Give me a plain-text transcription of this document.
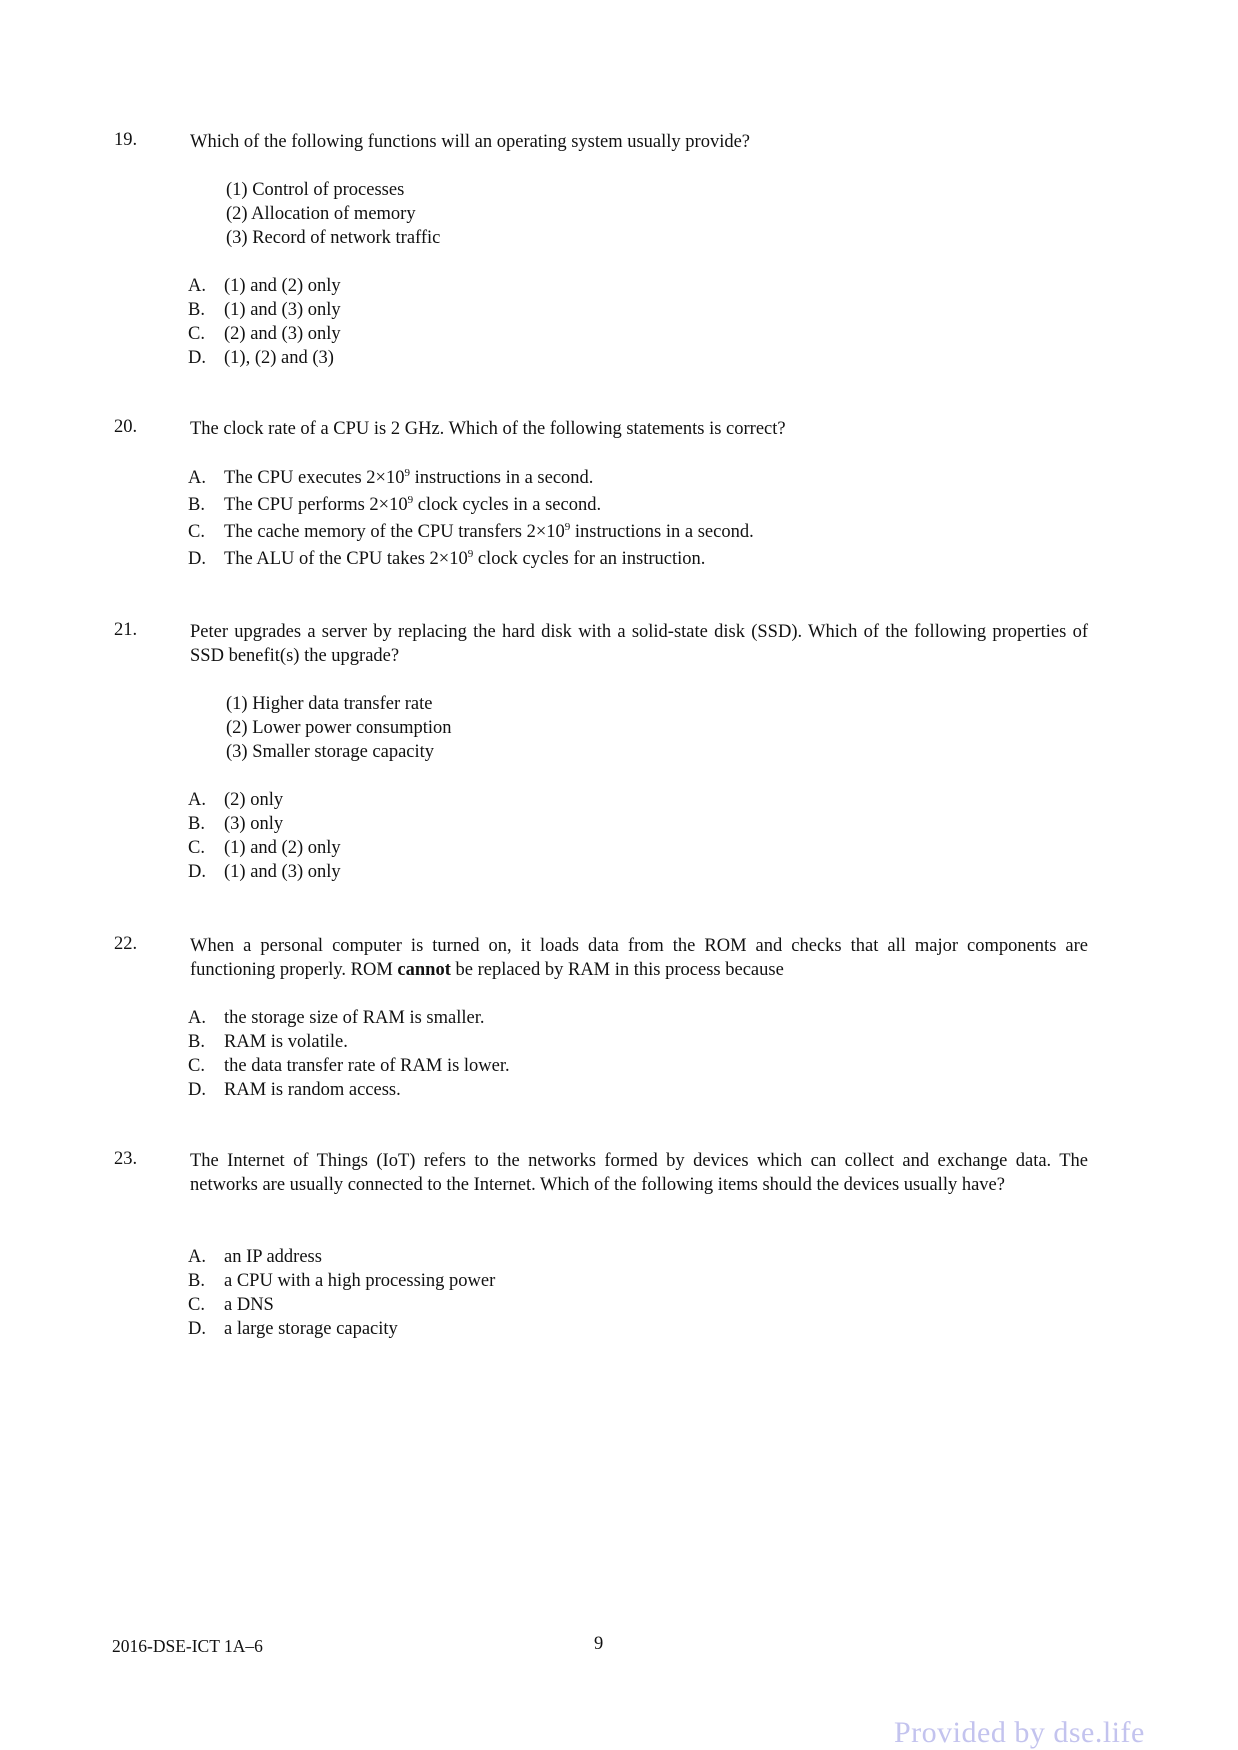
19.	Which of the following functions will an operating system usually provide?
(1) Control of processes
(2) Allocation of memory
(3) Record of network traffic
A. (1) and (2) only
B. (1) and (3) only
C. (2) and (3) only
D. (1), (2) and (3)
20.	The clock rate of a CPU is 2 GHz. Which of the following statements is correct?
A. The CPU executes $2\times 10^9$ instructions in a second.
B. The CPU performs $2\times 10^9$ clock cycles in a second.
C. The cache memory of the CPU transfers $2\times 10^9$ instructions in a second.
D. The ALU of the CPU takes $2\times 10^9$ clock cycles for an instruction.
21.	Peter upgrades a server by replacing the hard disk with a solid-state disk (SSD). Which of the following properties of SSD benefit(s) the upgrade?
(1) Higher data transfer rate
(2) Lower power consumption
(3) Smaller storage capacity
A. (2) only
B. (3) only
C. (1) and (2) only
D. (1) and (3) only
22.	When a personal computer is turned on, it loads data from the ROM and checks that all major components are functioning properly. ROM cannot be replaced by RAM in this process because
A. the storage size of RAM is smaller.
B. RAM is volatile.
C. the data transfer rate of RAM is lower.
D. RAM is random access.
23.	The Internet of Things (IoT) refers to the networks formed by devices which can collect and exchange data. The networks are usually connected to the Internet. Which of the following items should the devices usually have?
A. an IP address
B. a CPU with a high processing power
C. a DNS
D. a large storage capacity
2016-DSE-ICT 1A–6	9
Provided by dse.life
